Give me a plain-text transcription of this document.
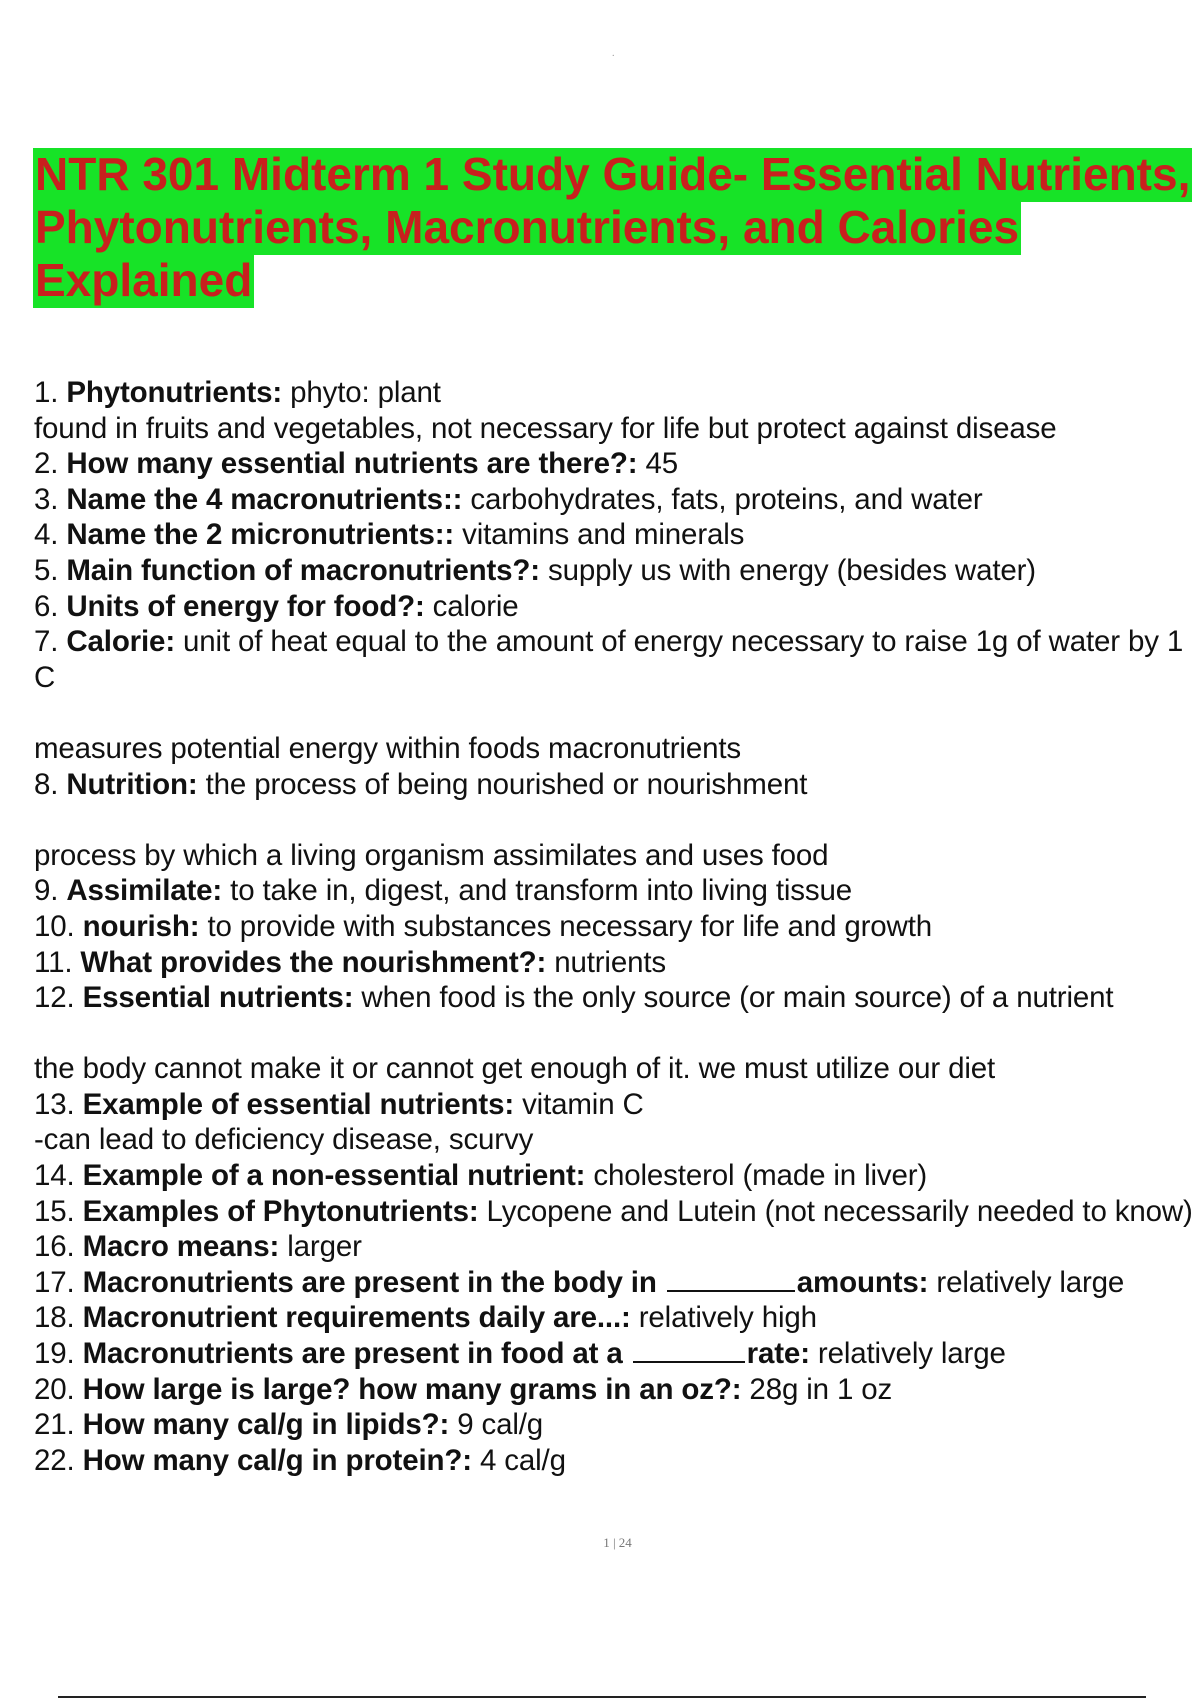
.
NTR 301 Midterm 1 Study Guide- Essential Nutrients,
Phytonutrients, Macronutrients, and Calories
Explained
1. Phytonutrients: phyto: plant
found in fruits and vegetables, not necessary for life but protect against disease
2. How many essential nutrients are there?: 45
3. Name the 4 macronutrients:: carbohydrates, fats, proteins, and water
4. Name the 2 micronutrients:: vitamins and minerals
5. Main function of macronutrients?: supply us with energy (besides water)
6. Units of energy for food?: calorie
7. Calorie: unit of heat equal to the amount of energy necessary to raise 1g of water by 1 C
measures potential energy within foods macronutrients
8. Nutrition: the process of being nourished or nourishment
process by which a living organism assimilates and uses food
9. Assimilate: to take in, digest, and transform into living tissue
10. nourish: to provide with substances necessary for life and growth
11. What provides the nourishment?: nutrients
12. Essential nutrients: when food is the only source (or main source) of a nutrient
the body cannot make it or cannot get enough of it. we must utilize our diet
13. Example of essential nutrients: vitamin C
-can lead to deficiency disease, scurvy
14. Example of a non-essential nutrient: cholesterol (made in liver)
15. Examples of Phytonutrients: Lycopene and Lutein (not necessarily needed to know)
16. Macro means: larger
17. Macronutrients are present in the body in	amounts: relatively large
18. Macronutrient requirements daily are...: relatively high
19. Macronutrients are present in food at a	rate: relatively large
20. How large is large? how many grams in an oz?: 28g in 1 oz
21. How many cal/g in lipids?: 9 cal/g
22. How many cal/g in protein?: 4 cal/g
1 | 24
